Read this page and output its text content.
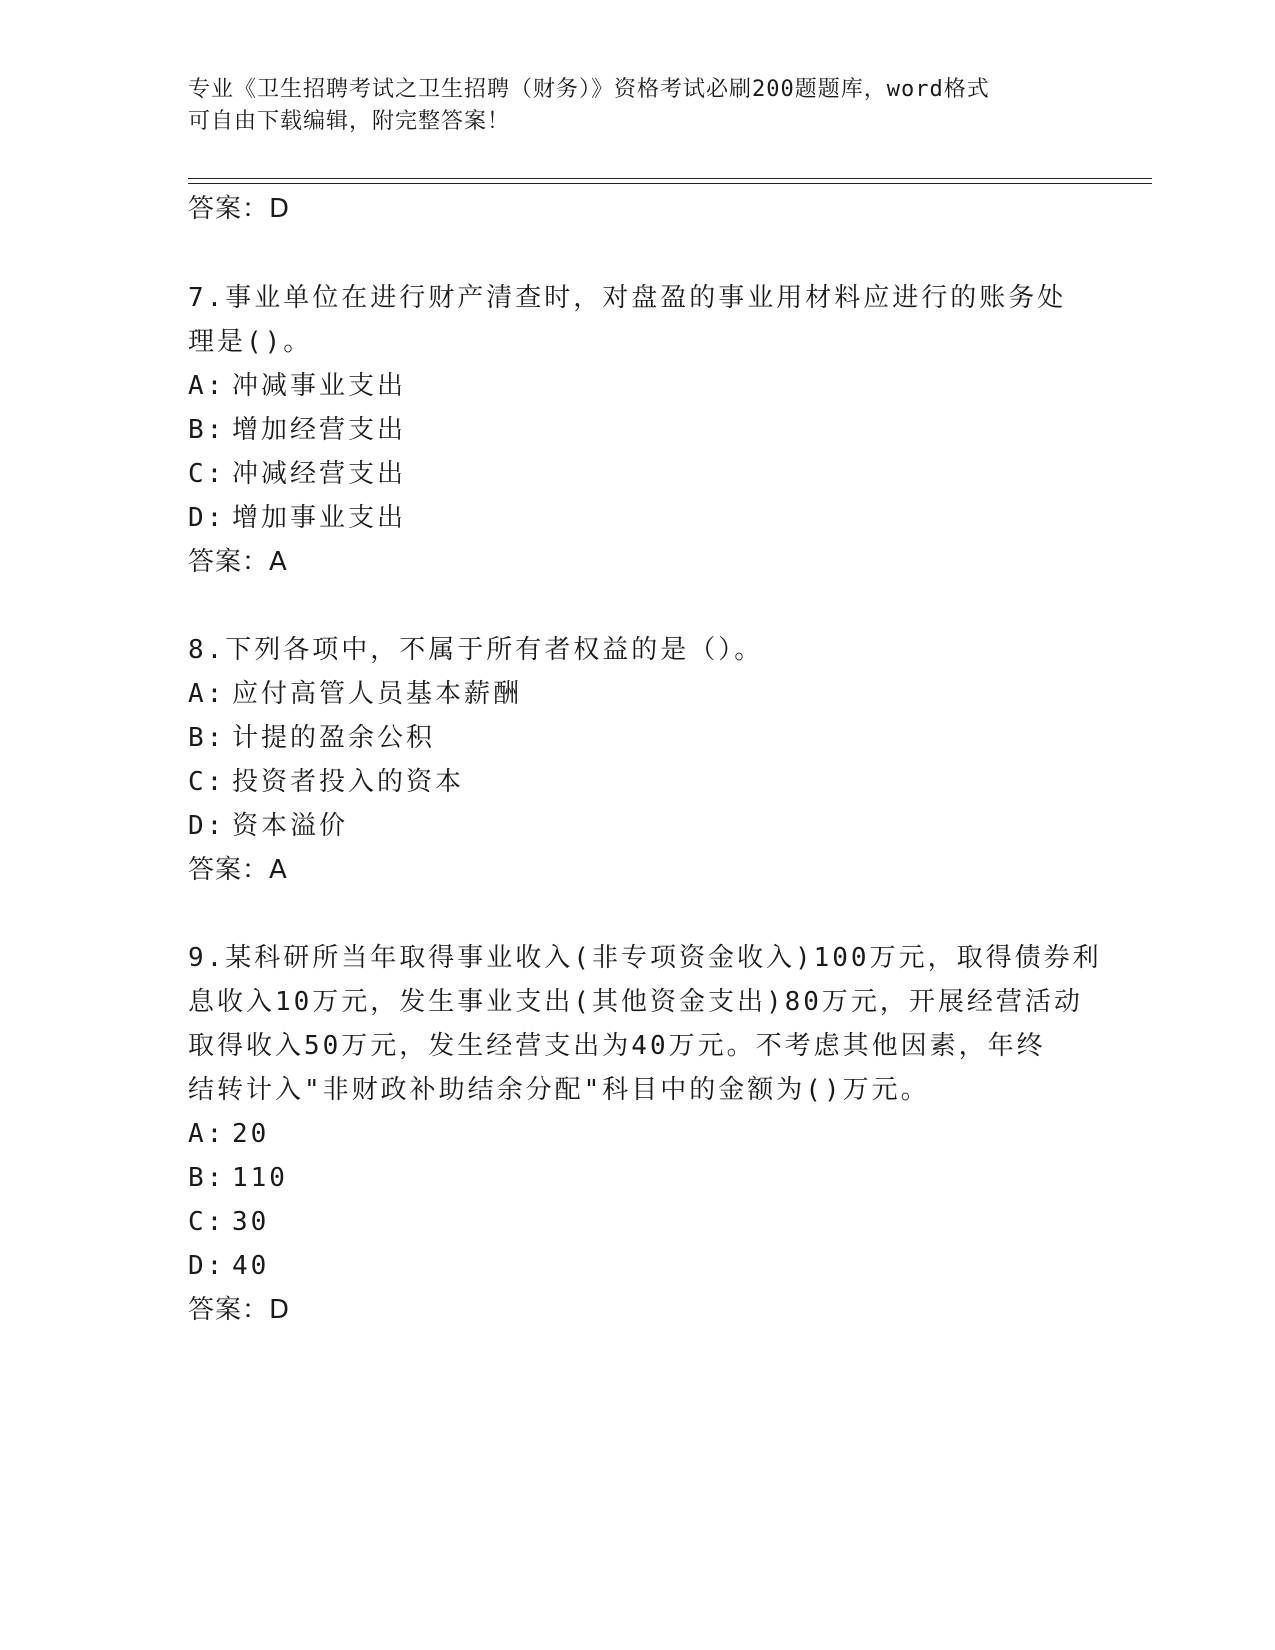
专业《卫生招聘考试之卫生招聘（财务）》资格考试必刷200题题库，word格式
可自由下载编辑，附完整答案！
答案：D
7.事业单位在进行财产清查时，对盘盈的事业用材料应进行的账务处
理是()。
A: 冲减事业支出
B: 增加经营支出
C: 冲减经营支出
D: 增加事业支出
答案：A
8.下列各项中，不属于所有者权益的是（）。
A: 应付高管人员基本薪酬
B: 计提的盈余公积
C: 投资者投入的资本
D: 资本溢价
答案：A
9.某科研所当年取得事业收入(非专项资金收入)100万元，取得债券利
息收入10万元，发生事业支出(其他资金支出)80万元，开展经营活动
取得收入50万元，发生经营支出为40万元。不考虑其他因素，年终
结转计入"非财政补助结余分配"科目中的金额为()万元。
A: 20
B: 110
C: 30
D: 40
答案：D
